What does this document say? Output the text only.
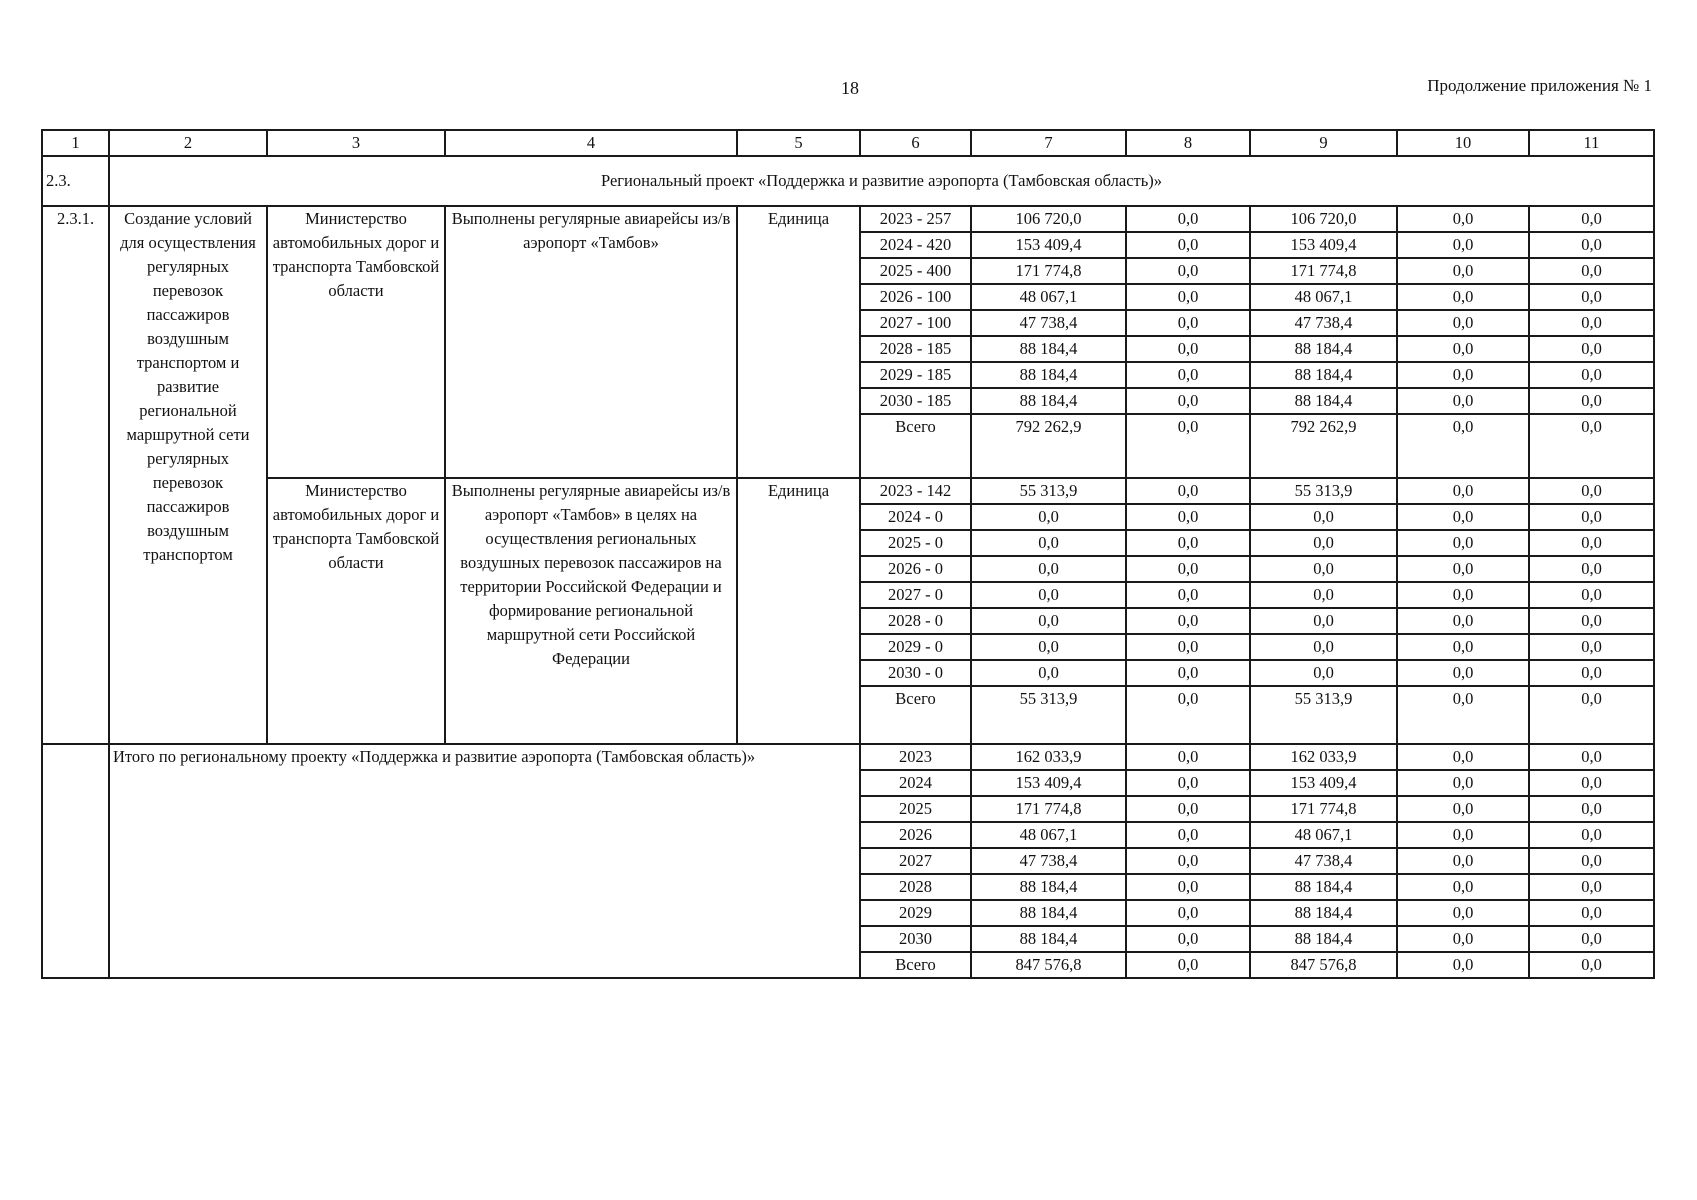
18	Продолжение приложения № 1
1	2	3	4	5	6	7	8	9	10	11
2.3.	Региональный проект «Поддержка и развитие аэропорта (Тамбовская область)»									
2.3.1.	Создание условий для осуществления регулярных перевозок пассажиров воздушным транспортом и развитие региональной маршрутной сети регулярных перевозок пассажиров воздушным транспортом	Министерство автомобильных дорог и транспорта Тамбовской области	Выполнены регулярные авиарейсы из/в аэропорт «Тамбов»	Единица	2023 - 257	106 720,0	0,0	106 720,0	0,0	0,0
					2024 - 420	153 409,4	0,0	153 409,4	0,0	0,0
					2025 - 400	171 774,8	0,0	171 774,8	0,0	0,0
					2026 - 100	48 067,1	0,0	48 067,1	0,0	0,0
					2027 - 100	47 738,4	0,0	47 738,4	0,0	0,0
					2028 - 185	88 184,4	0,0	88 184,4	0,0	0,0
					2029 - 185	88 184,4	0,0	88 184,4	0,0	0,0
					2030 - 185	88 184,4	0,0	88 184,4	0,0	0,0
					Всего	792 262,9	0,0	792 262,9	0,0	0,0
		Министерство автомобильных дорог и транспорта Тамбовской области	Выполнены регулярные авиарейсы из/в аэропорт «Тамбов» в целях на осуществления региональных воздушных перевозок пассажиров на территории Российской Федерации и формирование региональной маршрутной сети Российской Федерации	Единица	2023 - 142	55 313,9	0,0	55 313,9	0,0	0,0
					2024 - 0	0,0	0,0	0,0	0,0	0,0
					2025 - 0	0,0	0,0	0,0	0,0	0,0
					2026 - 0	0,0	0,0	0,0	0,0	0,0
					2027 - 0	0,0	0,0	0,0	0,0	0,0
					2028 - 0	0,0	0,0	0,0	0,0	0,0
					2029 - 0	0,0	0,0	0,0	0,0	0,0
					2030 - 0	0,0	0,0	0,0	0,0	0,0
					Всего	55 313,9	0,0	55 313,9	0,0	0,0
	Итого по региональному проекту «Поддержка и развитие аэропорта (Тамбовская область)»				2023	162 033,9	0,0	162 033,9	0,0	0,0
					2024	153 409,4	0,0	153 409,4	0,0	0,0
					2025	171 774,8	0,0	171 774,8	0,0	0,0
					2026	48 067,1	0,0	48 067,1	0,0	0,0
					2027	47 738,4	0,0	47 738,4	0,0	0,0
					2028	88 184,4	0,0	88 184,4	0,0	0,0
					2029	88 184,4	0,0	88 184,4	0,0	0,0
					2030	88 184,4	0,0	88 184,4	0,0	0,0
					Всего	847 576,8	0,0	847 576,8	0,0	0,0
